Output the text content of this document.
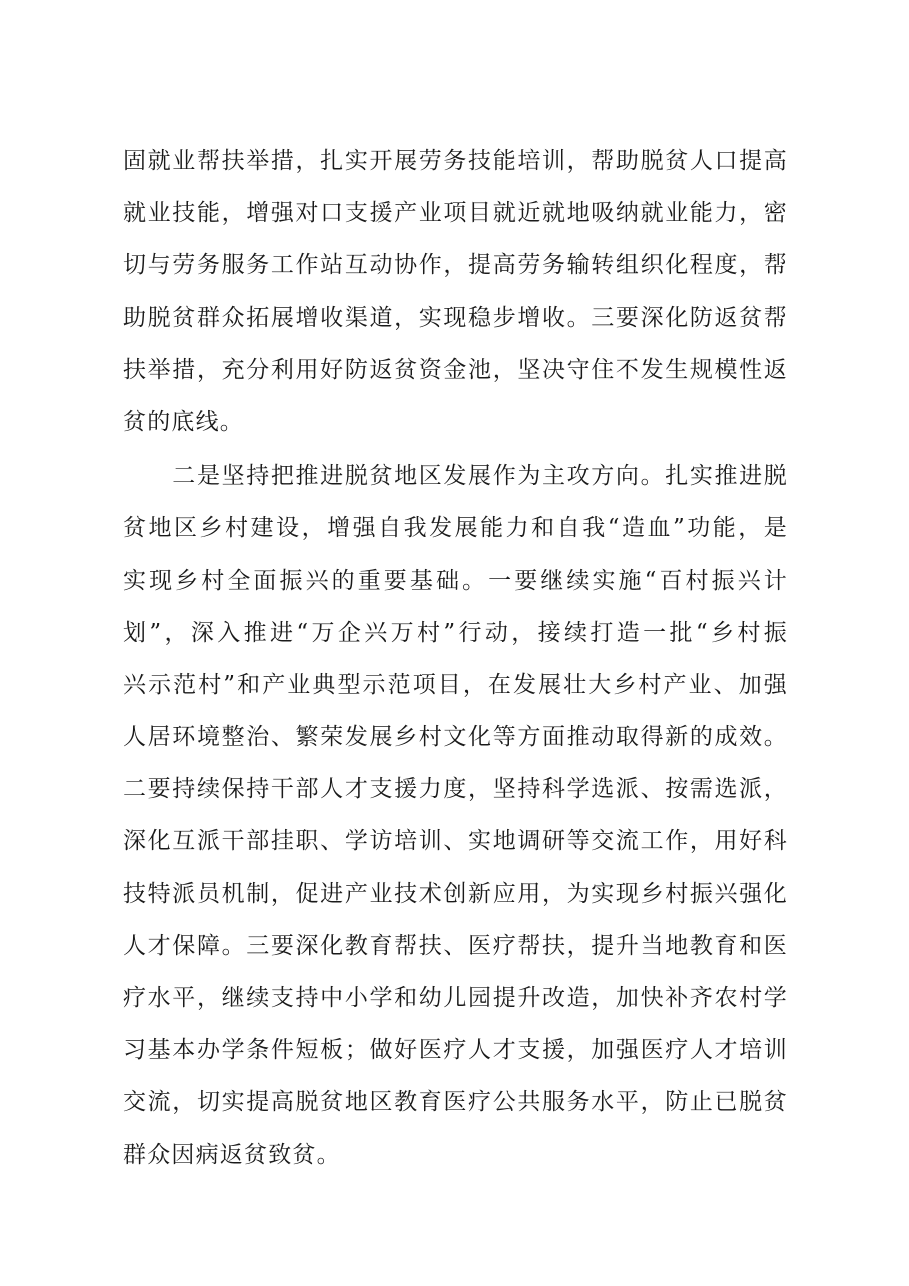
固就业帮扶举措，扎实开展劳务技能培训，帮助脱贫人口提高
就业技能，增强对口支援产业项目就近就地吸纳就业能力，密
切与劳务服务工作站互动协作，提高劳务输转组织化程度，帮
助脱贫群众拓展增收渠道，实现稳步增收。三要深化防返贫帮
扶举措，充分利用好防返贫资金池，坚决守住不发生规模性返
贫的底线。
　　二是坚持把推进脱贫地区发展作为主攻方向。扎实推进脱
贫地区乡村建设，增强自我发展能力和自我“造血”功能，是
实现乡村全面振兴的重要基础。一要继续实施“百村振兴计
划”，深入推进“万企兴万村”行动，接续打造一批“乡村振
兴示范村”和产业典型示范项目，在发展壮大乡村产业、加强
人居环境整治、繁荣发展乡村文化等方面推动取得新的成效。
二要持续保持干部人才支援力度，坚持科学选派、按需选派，
深化互派干部挂职、学访培训、实地调研等交流工作，用好科
技特派员机制，促进产业技术创新应用，为实现乡村振兴强化
人才保障。三要深化教育帮扶、医疗帮扶，提升当地教育和医
疗水平，继续支持中小学和幼儿园提升改造，加快补齐农村学
习基本办学条件短板；做好医疗人才支援，加强医疗人才培训
交流，切实提高脱贫地区教育医疗公共服务水平，防止已脱贫
群众因病返贫致贫。
